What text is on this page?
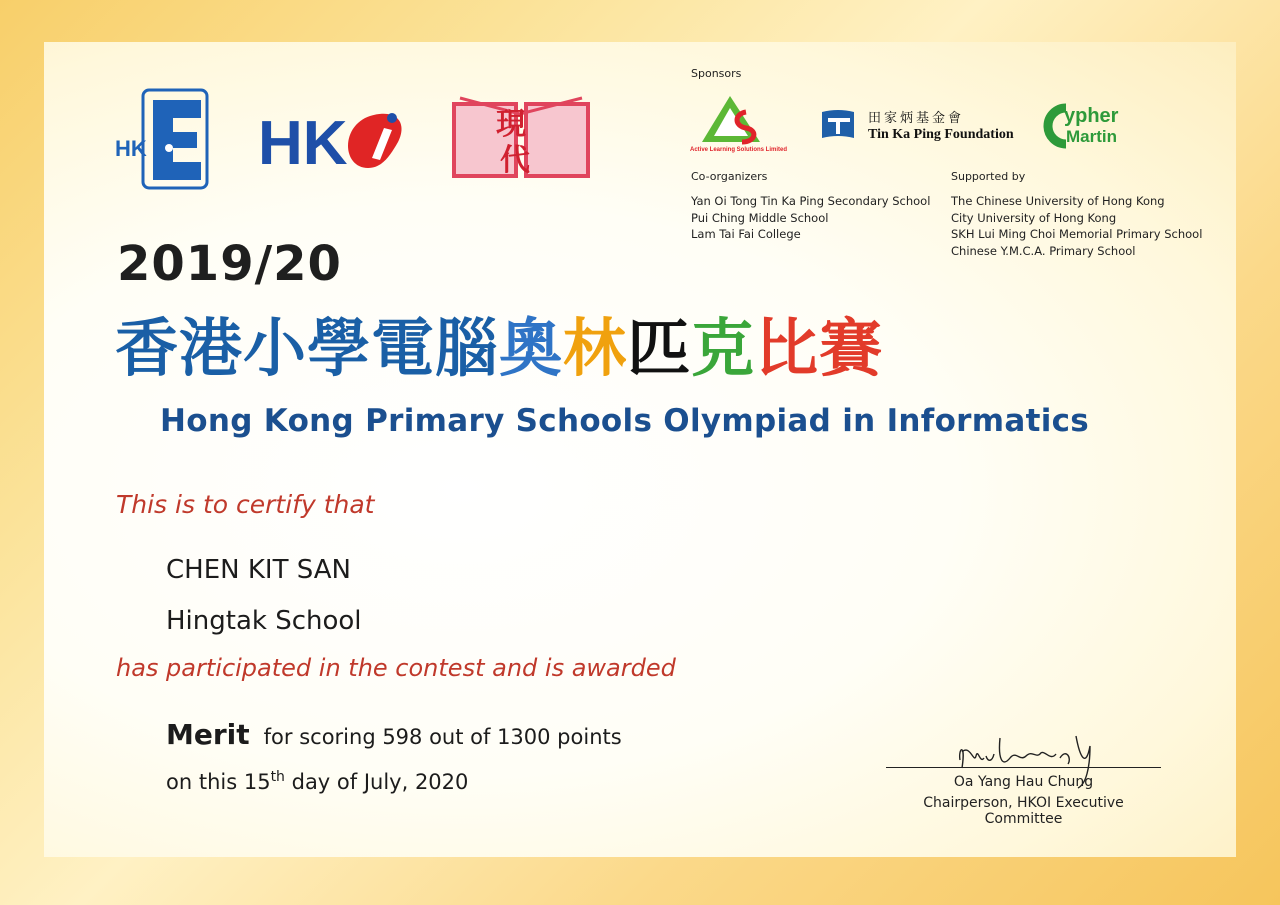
HK HK	現
代
Sponsors
Active Learning Solutions Limited
田家炳基金會
Tin Ka Ping Foundation
ypher
Martin
Co-organizers
Yan Oi Tong Tin Ka Ping Secondary School
Pui Ching Middle School
Lam Tai Fai College
Supported by
The Chinese University of Hong Kong
City University of Hong Kong
SKH Lui Ming Choi Memorial Primary School
Chinese Y.M.C.A. Primary School
2019/20
香港小學電腦奧林匹克比賽
Hong Kong Primary Schools Olympiad in Informatics
This is to certify that
CHEN KIT SAN
Hingtak School
has participated in the contest and is awarded
Merit for scoring 598 out of 1300 points
on this 15th day of July, 2020	Oa Yang Hau Chung
Chairperson, HKOI Executive Committee
